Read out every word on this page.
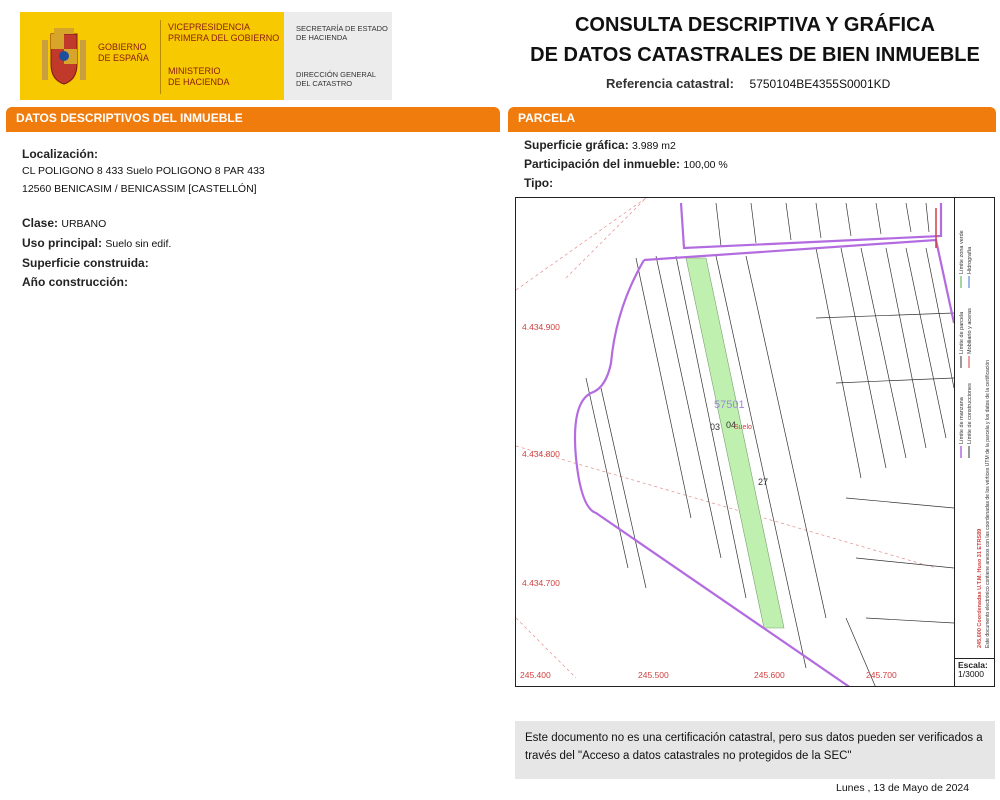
GOBIERNO
DE ESPAÑA
VICEPRESIDENCIA
PRIMERA DEL GOBIERNO
MINISTERIO
DE HACIENDA
SECRETARÍA DE ESTADO
DE HACIENDA
DIRECCIÓN GENERAL
DEL CATASTRO
CONSULTA DESCRIPTIVA Y GRÁFICA
DE DATOS CATASTRALES DE BIEN INMUEBLE
Referencia catastral: 5750104BE4355S0001KD
DATOS DESCRIPTIVOS DEL INMUEBLE	PARCELA
Localización:
CL POLIGONO 8 433 Suelo POLIGONO 8 PAR 433
12560 BENICASIM / BENICASSIM [CASTELLÓN]
Clase: URBANO
Uso principal: Suelo sin edif.
Superficie construida:
Año construcción:
Superficie gráfica: 3.989 m2
Participación del inmueble: 100,00 %
Tipo:
4.434.900
4.434.800
4.434.700
245.400	245.500	245.600	245.700
57501
03 04
Suelo
27
Límite de manzana
Límite de parcela
Límite de construcciones
Mobiliario y aceras
Límite zona verde Hidrografía
245,600 Coordenadas U.T.M. Huso 31 ETRS89 Este documento electrónico contiene anexos con las coordenadas de los vértices UTM de la parcela y los datos de la certificación
Escala:
1/3000
Este documento no es una certificación catastral, pero sus datos pueden ser verificados a través del "Acceso a datos catastrales no protegidos de la SEC"
Lunes , 13 de Mayo de 2024
